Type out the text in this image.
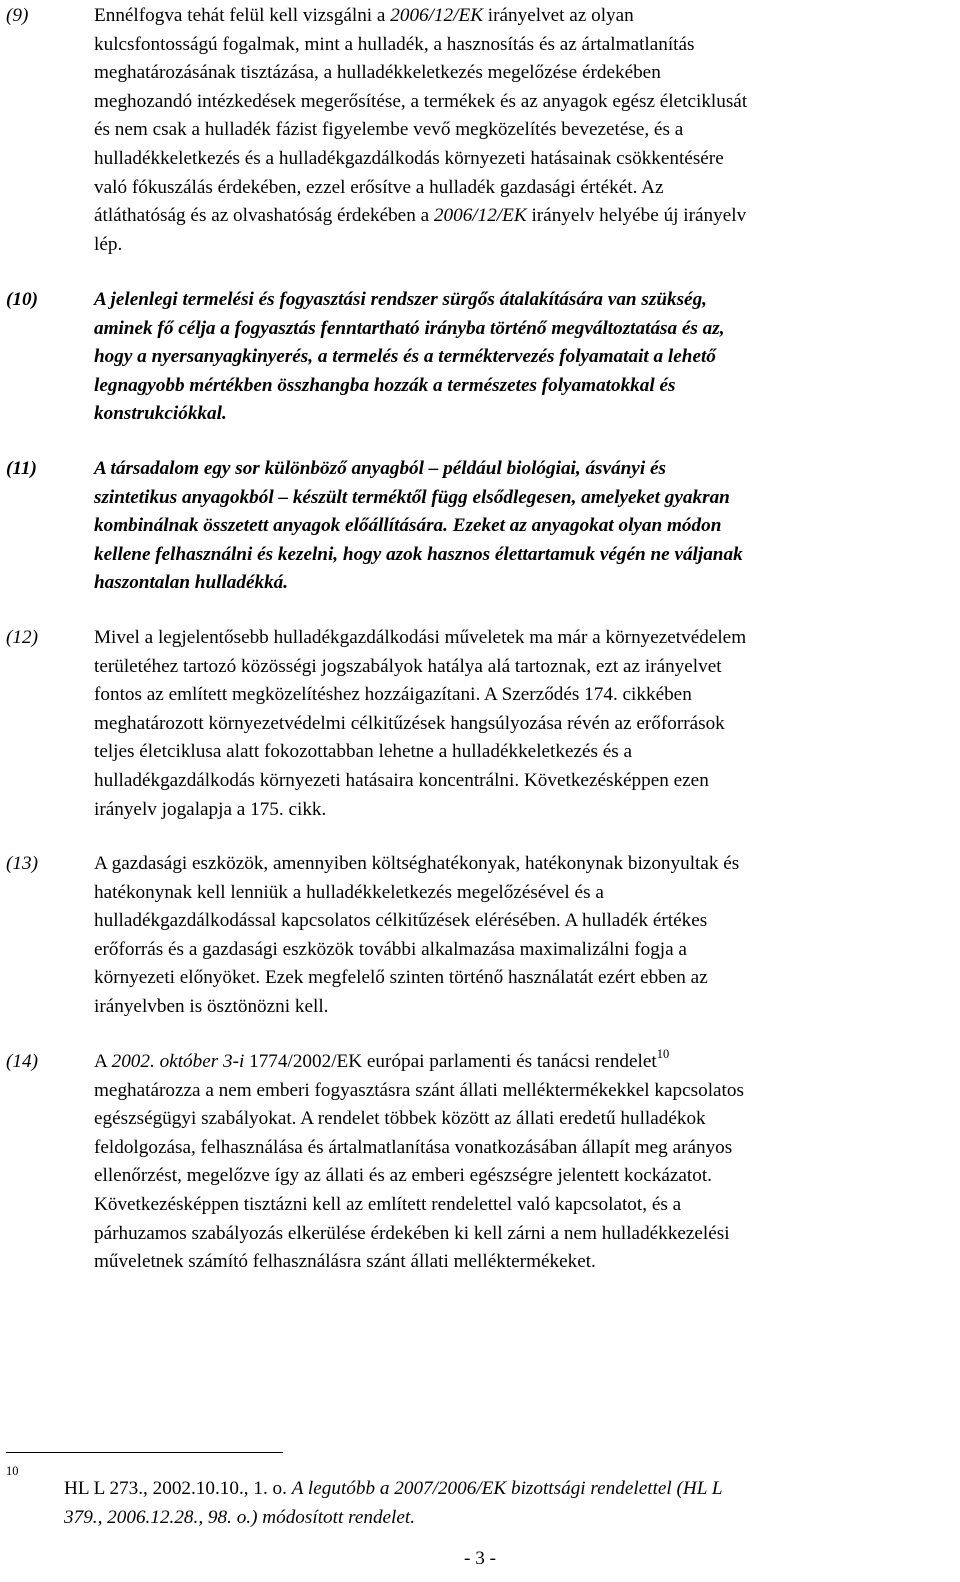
(9)	Ennélfogva tehát felül kell vizsgálni a 2006/12/EK irányelvet az olyan
kulcsfontosságú fogalmak, mint a hulladék, a hasznosítás és az ártalmatlanítás
meghatározásának tisztázása, a hulladékkeletkezés megelőzése érdekében
meghozandó intézkedések megerősítése, a termékek és az anyagok egész életciklusát
és nem csak a hulladék fázist figyelembe vevő megközelítés bevezetése, és a
hulladékkeletkezés és a hulladékgazdálkodás környezeti hatásainak csökkentésére
való fókuszálás érdekében, ezzel erősítve a hulladék gazdasági értékét. Az
átláthatóság és az olvashatóság érdekében a 2006/12/EK irányelv helyébe új irányelv
lép.
(10)	A jelenlegi termelési és fogyasztási rendszer sürgős átalakítására van szükség,
aminek fő célja a fogyasztás fenntartható irányba történő megváltoztatása és az,
hogy a nyersanyagkinyerés, a termelés és a terméktervezés folyamatait a lehető
legnagyobb mértékben összhangba hozzák a természetes folyamatokkal és
konstrukciókkal.
(11)	A társadalom egy sor különböző anyagból – például biológiai, ásványi és
szintetikus anyagokból – készült terméktől függ elsődlegesen, amelyeket gyakran
kombinálnak összetett anyagok előállítására. Ezeket az anyagokat olyan módon
kellene felhasználni és kezelni, hogy azok hasznos élettartamuk végén ne váljanak
haszontalan hulladékká.
(12)	Mivel a legjelentősebb hulladékgazdálkodási műveletek ma már a környezetvédelem
területéhez tartozó közösségi jogszabályok hatálya alá tartoznak, ezt az irányelvet
fontos az említett megközelítéshez hozzáigazítani. A Szerződés 174. cikkében
meghatározott környezetvédelmi célkitűzések hangsúlyozása révén az erőforrások
teljes életciklusa alatt fokozottabban lehetne a hulladékkeletkezés és a
hulladékgazdálkodás környezeti hatásaira koncentrálni. Következésképpen ezen
irányelv jogalapja a 175. cikk.
(13)	A gazdasági eszközök, amennyiben költséghatékonyak, hatékonynak bizonyultak és
hatékonynak kell lenniük a hulladékkeletkezés megelőzésével és a
hulladékgazdálkodással kapcsolatos célkitűzések elérésében. A hulladék értékes
erőforrás és a gazdasági eszközök további alkalmazása maximalizálni fogja a
környezeti előnyöket. Ezek megfelelő szinten történő használatát ezért ebben az
irányelvben is ösztönözni kell.
(14)	A 2002. október 3-i 1774/2002/EK európai parlamenti és tanácsi rendelet$^{10}$
meghatározza a nem emberi fogyasztásra szánt állati melléktermékekkel kapcsolatos
egészségügyi szabályokat. A rendelet többek között az állati eredetű hulladékok
feldolgozása, felhasználása és ártalmatlanítása vonatkozásában állapít meg arányos
ellenőrzést, megelőzve így az állati és az emberi egészségre jelentett kockázatot.
Következésképpen tisztázni kell az említett rendelettel való kapcsolatot, és a
párhuzamos szabályozás elkerülése érdekében ki kell zárni a nem hulladékkezelési
műveletnek számító felhasználásra szánt állati melléktermékeket.
10
HL L 273., 2002.10.10., 1. o. A legutóbb a 2007/2006/EK bizottsági rendelettel (HL L
379., 2006.12.28., 98. o.) módosított rendelet.
- 3 -
